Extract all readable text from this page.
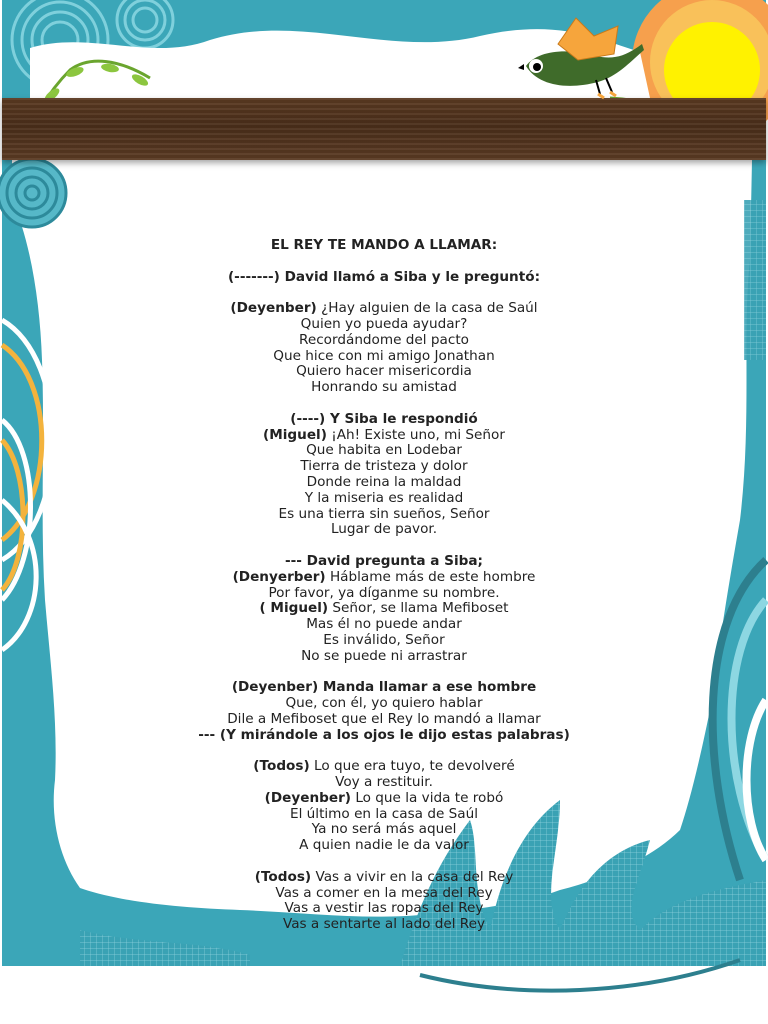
EL REY TE MANDO A LLAMAR:
(-------) David llamó a Siba y le preguntó:
(Deyenber) ¿Hay alguien de la casa de Saúl
Quien yo pueda ayudar?
Recordándome del pacto
Que hice con mi amigo Jonathan
Quiero hacer misericordia
Honrando su amistad
(----) Y Siba le respondió
(Miguel) ¡Ah! Existe uno, mi Señor
Que habita en Lodebar
Tierra de tristeza y dolor
Donde reina la maldad
Y la miseria es realidad
Es una tierra sin sueños, Señor
Lugar de pavor.
--- David pregunta a Siba;
(Denyerber) Háblame más de este hombre
Por favor, ya díganme su nombre.
( Miguel) Señor, se llama Mefiboset
Mas él no puede andar
Es inválido, Señor
No se puede ni arrastrar
(Deyenber) Manda llamar a ese hombre
Que, con él, yo quiero hablar
Dile a Mefiboset que el Rey lo mandó a llamar
--- (Y mirándole a los ojos le dijo estas palabras)
(Todos) Lo que era tuyo, te devolveré
Voy a restituir.
(Deyenber) Lo que la vida te robó
El último en la casa de Saúl
Ya no será más aquel
A quien nadie le da valor
(Todos) Vas a vivir en la casa del Rey
Vas a comer en la mesa del Rey
Vas a vestir las ropas del Rey
Vas a sentarte al lado del Rey
